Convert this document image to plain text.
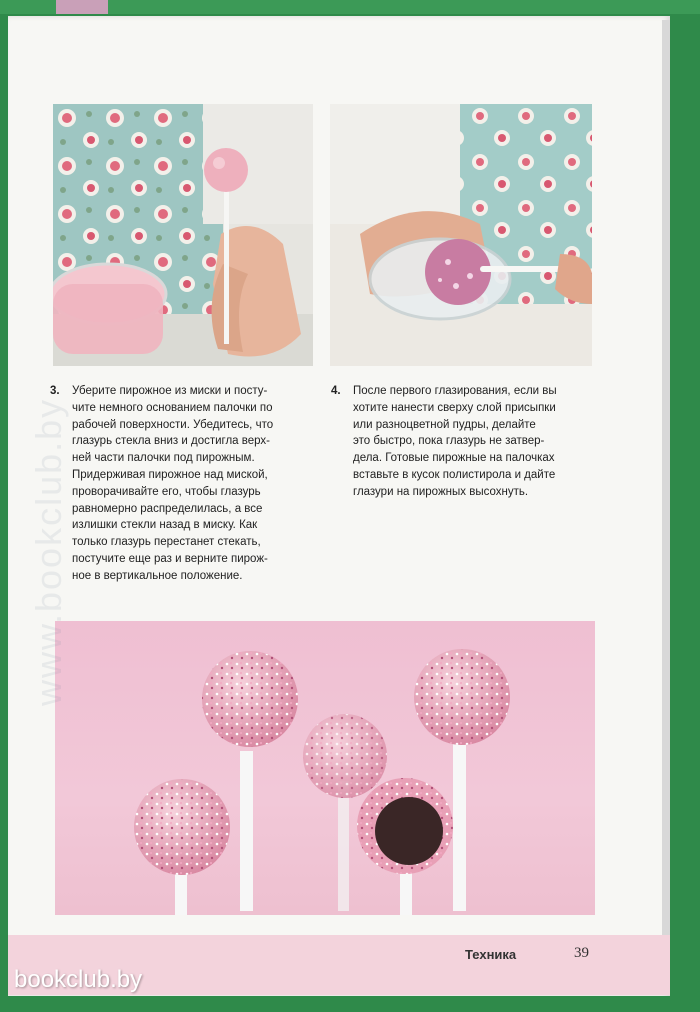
3. Уберите пирожное из миски и посту-
чите немного основанием палочки по
рабочей поверхности. Убедитесь, что
глазурь стекла вниз и достигла верх-
ней части палочки под пирожным.
Придерживая пирожное над миской,
проворачивайте его, чтобы глазурь
равномерно распределилась, а все
излишки стекли назад в миску. Как
только глазурь перестанет стекать,
постучите еще раз и верните пирож-
ное в вертикальное положение.
4. После первого глазирования, если вы
хотите нанести сверху слой присыпки
или разноцветной пудры, делайте
это быстро, пока глазурь не затвер-
дела. Готовые пирожные на палочках
вставьте в кусок полистирола и дайте
глазури на пирожных высохнуть.
www.bookclub.by
Техника	39
bookclub.by
